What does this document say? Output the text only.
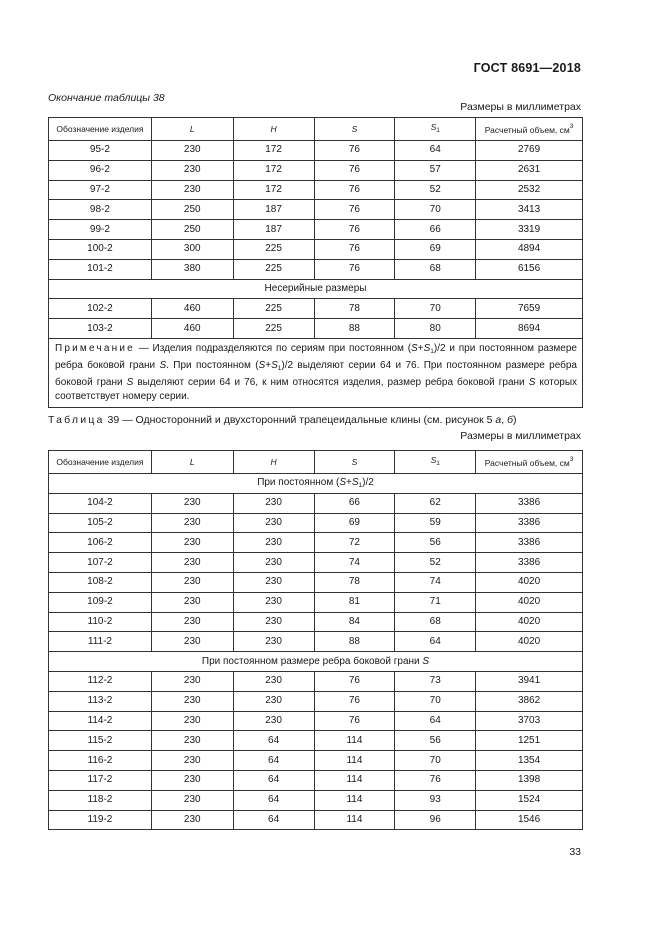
ГОСТ 8691—2018
Окончание таблицы 38
Размеры в миллиметрах
Обозначение изделия	L	H	S	$S_1$	Расчетный объем, $см^3$
95-2	230	172	76	64	2769
96-2	230	172	76	57	2631
97-2	230	172	76	52	2532
98-2	250	187	76	70	3413
99-2	250	187	76	66	3319
100-2	300	225	76	69	4894
101-2	380	225	76	68	6156
Несерийные размеры					
102-2	460	225	78	70	7659
103-2	460	225	88	80	8694
Примечание — Изделия подразделяются по сериям при постоянном $(S+S_1)/2$ и при постоянном размере ребра боковой грани S. При постоянном $(S+S_1)/2$ выделяют серии 64 и 76. При постоянном размере ребра боковой грани S выделяют серии 64 и 76, к ним относятся изделия, размер ребра боковой грани S которых соответствует номеру серии.					
Таблица 39 — Односторонний и двухсторонний трапецеидальные клины (см. рисунок 5 а, б)
Размеры в миллиметрах
Обозначение изделия	L	H	S	$S_1$	Расчетный объем, $см^3$
При постоянном $(S+S_1)/2$					
104-2	230	230	66	62	3386
105-2	230	230	69	59	3386
106-2	230	230	72	56	3386
107-2	230	230	74	52	3386
108-2	230	230	78	74	4020
109-2	230	230	81	71	4020
110-2	230	230	84	68	4020
111-2	230	230	88	64	4020
При постоянном размере ребра боковой грани S					
112-2	230	230	76	73	3941
113-2	230	230	76	70	3862
114-2	230	230	76	64	3703
115-2	230	64	114	56	1251
116-2	230	64	114	70	1354
117-2	230	64	114	76	1398
118-2	230	64	114	93	1524
119-2	230	64	114	96	1546
33
